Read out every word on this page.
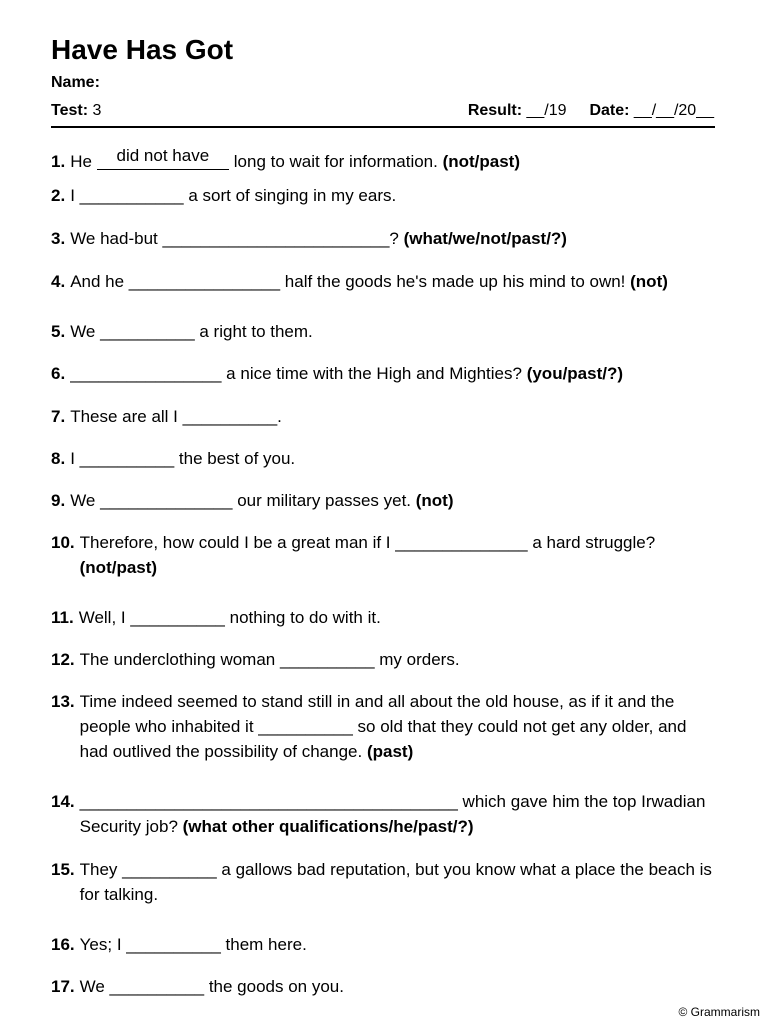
Have Has Got
Name:
Test: 3	Result: __/19 Date: __/__/20__

1. He	did not have	long to wait for information. (not/past)

2. I ___________ a sort of singing in my ears.

3. We had-but ________________________? (what/we/not/past/?)

4. And he ________________ half the goods he's made up his mind to own! (not)

5. We __________ a right to them.

6. ________________ a nice time with the High and Mighties? (you/past/?)

7. These are all I __________.

8. I __________ the best of you.

9. We ______________ our military passes yet. (not)

10. Therefore, how could I be a great man if I ______________ a hard struggle? (not/past)

11. Well, I __________ nothing to do with it.

12. The underclothing woman __________ my orders.

13. Time indeed seemed to stand still in and all about the old house, as if it and the people who inhabited it __________ so old that they could not get any older, and had outlived the possibility of change. (past)

14. ________________________________________ which gave him the top Irwadian Security job? (what other qualifications/he/past/?)

15. They __________ a gallows bad reputation, but you know what a place the beach is for talking.

16. Yes; I __________ them here.

17. We __________ the goods on you.

© Grammarism
